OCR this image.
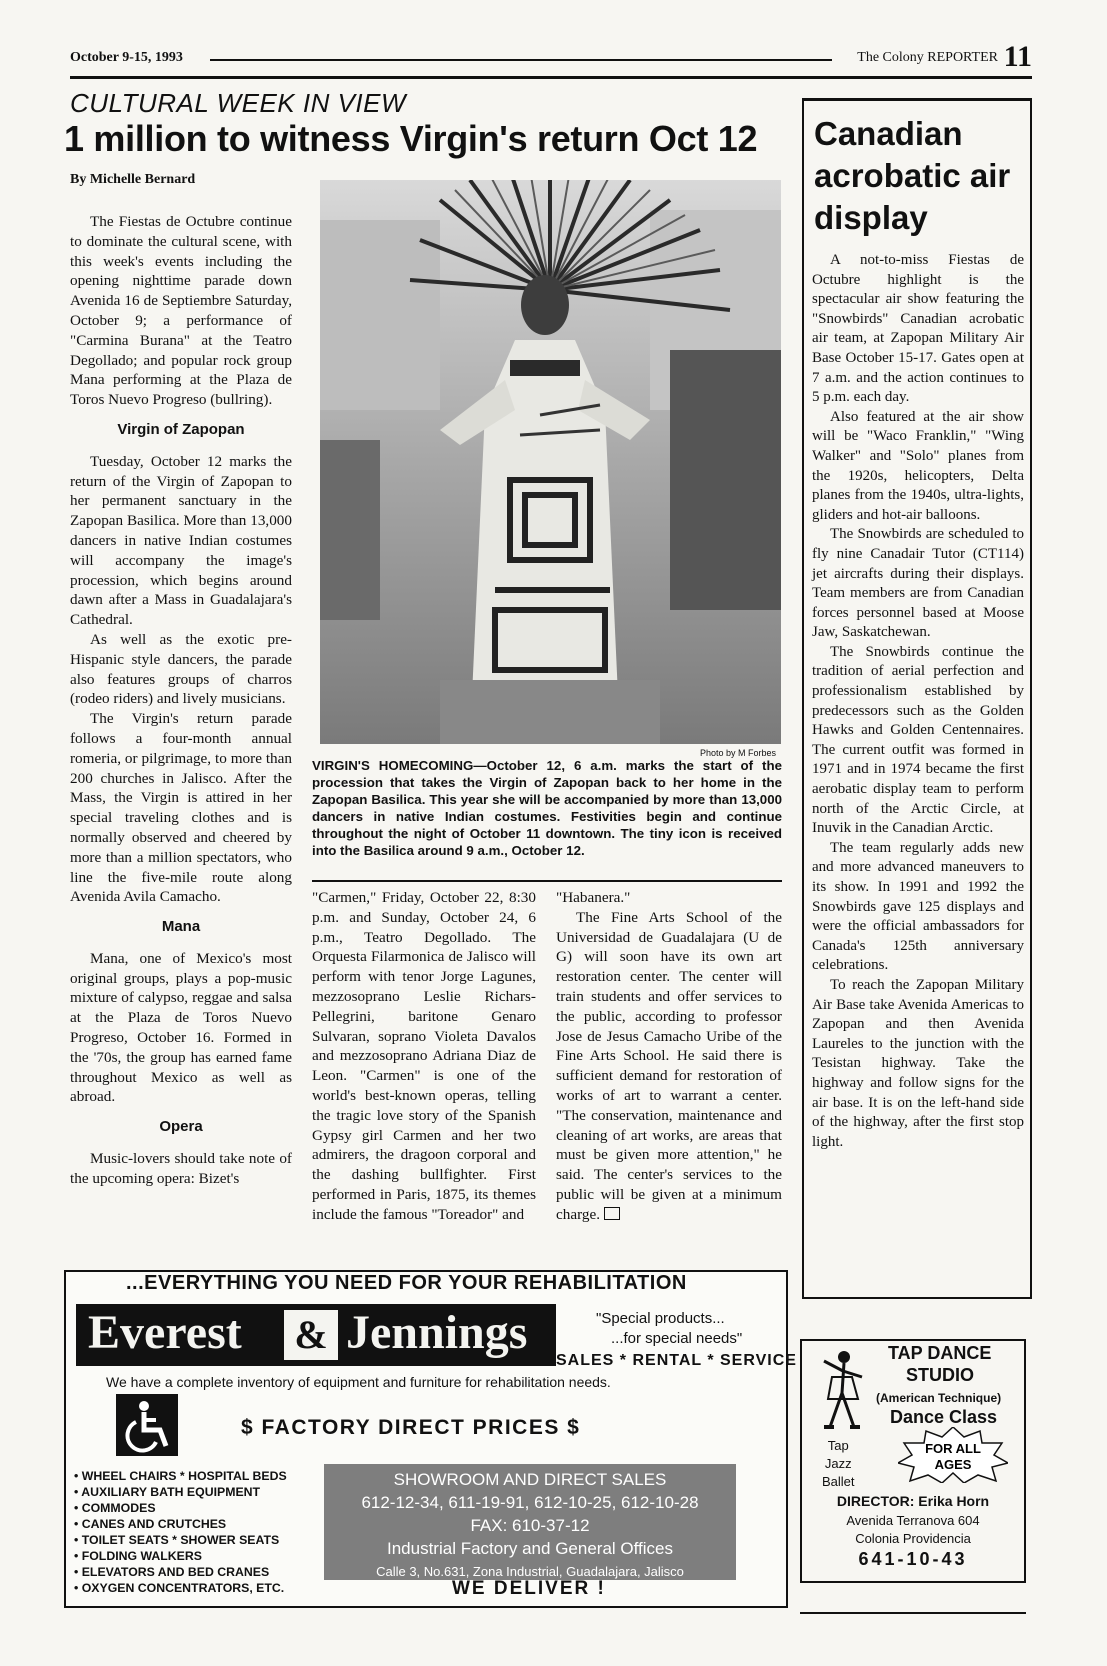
October 9-15, 1993	The Colony REPORTER 11
CULTURAL WEEK IN VIEW
1 million to witness Virgin's return Oct 12
By Michelle Bernard

The Fiestas de Octubre continue to dominate the cultural scene, with this week's events including the opening nighttime parade down Avenida 16 de Septiembre Saturday, October 9; a performance of "Carmina Burana" at the Teatro Degollado; and popular rock group Mana performing at the Plaza de Toros Nuevo Progreso (bullring).

Virgin of Zapopan

Tuesday, October 12 marks the return of the Virgin of Zapopan to her permanent sanctuary in the Zapopan Basilica. More than 13,000 dancers in native Indian costumes will accompany the image's procession, which begins around dawn after a Mass in Guadalajara's Cathedral.

As well as the exotic pre-Hispanic style dancers, the parade also features groups of charros (rodeo riders) and lively musicians.

The Virgin's return parade follows a four-month annual romeria, or pilgrimage, to more than 200 churches in Jalisco. After the Mass, the Virgin is attired in her special traveling clothes and is normally observed and cheered by more than a million spectators, who line the five-mile route along Avenida Avila Camacho.

Mana

Mana, one of Mexico's most original groups, plays a pop-music mixture of calypso, reggae and salsa at the Plaza de Toros Nuevo Progreso, October 16. Formed in the '70s, the group has earned fame throughout Mexico as well as abroad.

Opera

Music-lovers should take note of the upcoming opera: Bizet's

Photo by M Forbes
VIRGIN'S HOMECOMING—October 12, 6 a.m. marks the start of the procession that takes the Virgin of Zapopan back to her home in the Zapopan Basilica. This year she will be accompanied by more than 13,000 dancers in native Indian costumes. Festivities begin and continue throughout the night of October 11 downtown. The tiny icon is received into the Basilica around 9 a.m., October 12.

"Carmen," Friday, October 22, 8:30 p.m. and Sunday, October 24, 6 p.m., Teatro Degollado. The Orquesta Filarmonica de Jalisco will perform with tenor Jorge Lagunes, mezzosoprano Leslie Richars-Pellegrini, baritone Genaro Sulvaran, soprano Violeta Davalos and mezzosoprano Adriana Diaz de Leon. "Carmen" is one of the world's best-known operas, telling the tragic love story of the Spanish Gypsy girl Carmen and her two admirers, the dragoon corporal and the dashing bullfighter. First performed in Paris, 1875, its themes include the famous "Toreador" and

"Habanera."

The Fine Arts School of the Universidad de Guadalajara (U de G) will soon have its own art restoration center. The center will train students and offer services to the public, according to professor Jose de Jesus Camacho Uribe of the Fine Arts School. He said there is sufficient demand for restoration of works of art to warrant a center. "The conservation, maintenance and cleaning of art works, are areas that must be given more attention," he said. The center's services to the public will be given at a minimum charge.

Canadian acrobatic air display

A not-to-miss Fiestas de Octubre highlight is the spectacular air show featuring the "Snowbirds" Canadian acrobatic air team, at Zapopan Military Air Base October 15-17. Gates open at 7 a.m. and the action continues to 5 p.m. each day.

Also featured at the air show will be "Waco Franklin," "Wing Walker" and "Solo" planes from the 1920s, helicopters, Delta planes from the 1940s, ultra-lights, gliders and hot-air balloons.

The Snowbirds are scheduled to fly nine Canadair Tutor (CT114) jet aircrafts during their displays. Team members are from Canadian forces personnel based at Moose Jaw, Saskatchewan.

The Snowbirds continue the tradition of aerial perfection and professionalism established by predecessors such as the Golden Hawks and Golden Centennaires. The current outfit was formed in 1971 and in 1974 became the first aerobatic display team to perform north of the Arctic Circle, at Inuvik in the Canadian Arctic.

The team regularly adds new and more advanced maneuvers to its show. In 1991 and 1992 the Snowbirds gave 125 displays and were the official ambassadors for Canada's 125th anniversary celebrations.

To reach the Zapopan Military Air Base take Avenida Americas to Zapopan and then Avenida Laureles to the junction with the Tesistan highway. Take the highway and follow signs for the air base. It is on the left-hand side of the highway, after the first stop light.

...EVERYTHING YOU NEED FOR YOUR REHABILITATION
Everest & Jennings	"Special products...
...for special needs"
SALES * RENTAL * SERVICE
We have a complete inventory of equipment and furniture for rehabilitation needs.
$ FACTORY DIRECT PRICES $
• WHEEL CHAIRS * HOSPITAL BEDS
• AUXILIARY BATH EQUIPMENT
• COMMODES
• CANES AND CRUTCHES
• TOILET SEATS * SHOWER SEATS
• FOLDING WALKERS
• ELEVATORS AND BED CRANES
• OXYGEN CONCENTRATORS, ETC.
SHOWROOM AND DIRECT SALES
612-12-34, 611-19-91, 612-10-25, 612-10-28
FAX: 610-37-12
Industrial Factory and General Offices
Calle 3, No.631, Zona Industrial, Guadalajara, Jalisco
WE DELIVER !
TAP DANCE
STUDIO
(American Technique)
Dance Class
Tap
Jazz
Ballet
FOR ALL
AGES
DIRECTOR: Erika Horn
Avenida Terranova 604
Colonia Providencia
641-10-43
